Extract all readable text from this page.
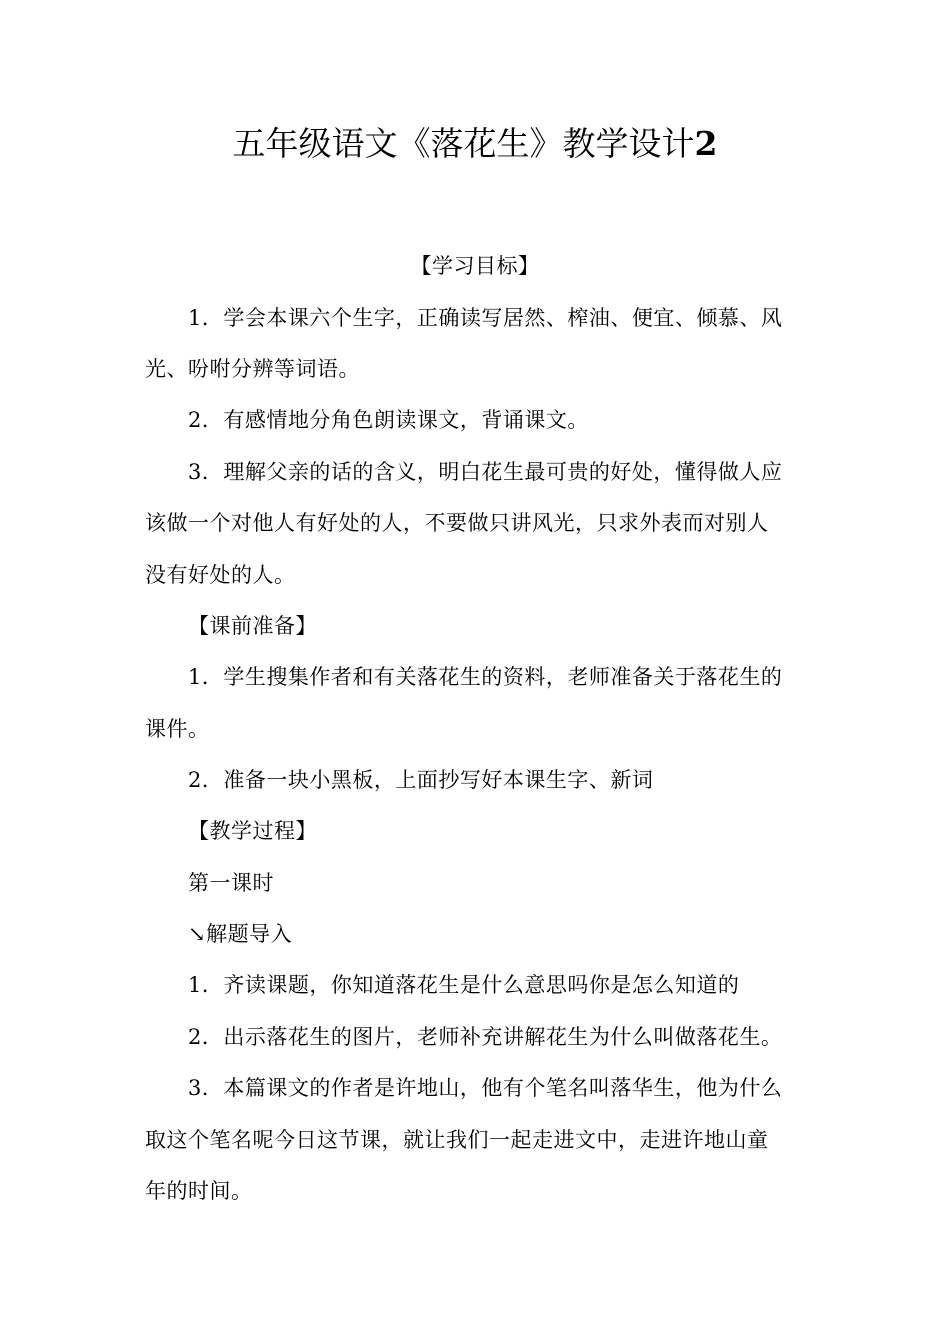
五年级语文《落花生》教学设计2
【学习目标】
1．学会本课六个生字，正确读写居然、榨油、便宜、倾慕、风
光、吩咐分辨等词语。
2．有感情地分角色朗读课文，背诵课文。
3．理解父亲的话的含义，明白花生最可贵的好处，懂得做人应
该做一个对他人有好处的人，不要做只讲风光，只求外表而对别人
没有好处的人。
【课前准备】
1．学生搜集作者和有关落花生的资料，老师准备关于落花生的
课件。
2．准备一块小黑板，上面抄写好本课生字、新词
【教学过程】
第一课时
↘解题导入
1．齐读课题，你知道落花生是什么意思吗你是怎么知道的
2．出示落花生的图片，老师补充讲解花生为什么叫做落花生。
3．本篇课文的作者是许地山，他有个笔名叫落华生，他为什么
取这个笔名呢今日这节课，就让我们一起走进文中，走进许地山童
年的时间。
